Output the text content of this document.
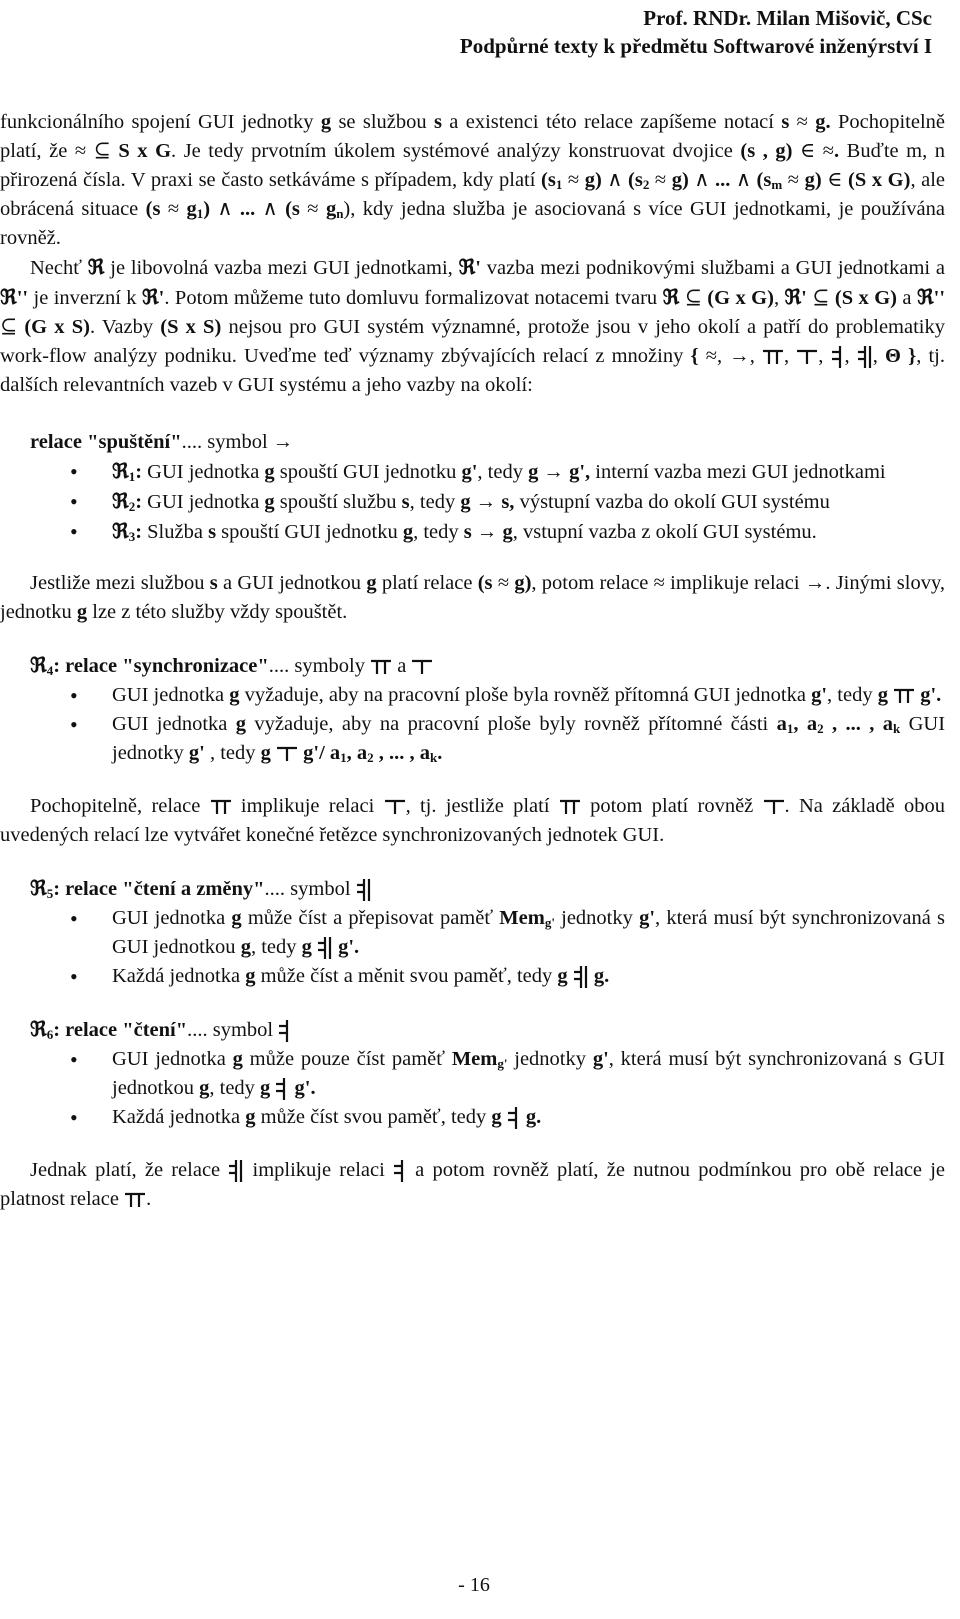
Prof. RNDr. Milan Mišovič, CSc
Podpůrné texty k předmětu Softwarové inženýrství I

funkcionálního spojení GUI jednotky g se službou s a existenci této relace zapíšeme notací s ≈ g. Pochopitelně platí, že ≈ ⊆ S x G. Je tedy prvotním úkolem systémové analýzy konstruovat dvojice (s , g) ∈ ≈. Buďte m, n přirozená čísla. V praxi se často setkáváme s případem, kdy platí $(s_1 \approx g)$ ∧ $(s_2 \approx g)$ ∧ ... ∧ $(s_m \approx g)$ ∈ (S x G), ale obrácená situace $(s \approx g_1)$ ∧ ... ∧ $(s \approx g_n)$, kdy jedna služba je asociovaná s více GUI jednotkami, je používána rovněž.

Nechť ℜ je libovolná vazba mezi GUI jednotkami, ℜ' vazba mezi podnikovými službami a GUI jednotkami a ℜ'' je inverzní k ℜ'. Potom můžeme tuto domluvu formalizovat notacemi tvaru ℜ ⊆ (G x G), ℜ' ⊆ (S x G) a ℜ'' ⊆ (G x S). Vazby (S x S) nejsou pro GUI systém významné, protože jsou v jeho okolí a patří do problematiky work-flow analýzy podniku. Uveďme teď významy zbývajících relací z množiny { ≈, →, , , , , Θ }, tj. dalších relevantních vazeb v GUI systému a jeho vazby na okolí:

relace "spuštění".... symbol →

• ℜ$_1$: GUI jednotka g spouští GUI jednotku g', tedy g → g', interní vazba mezi GUI jednotkami
• ℜ$_2$: GUI jednotka g spouští službu s, tedy g → s, výstupní vazba do okolí GUI systému
• ℜ$_3$: Služba s spouští GUI jednotku g, tedy s → g, vstupní vazba z okolí GUI systému.

Jestliže mezi službou s a GUI jednotkou g platí relace (s ≈ g), potom relace ≈ implikuje relaci →. Jinými slovy, jednotku g lze z této služby vždy spouštět.

ℜ$_4$: relace "synchronizace".... symboly  a

• GUI jednotka g vyžaduje, aby na pracovní ploše byla rovněž přítomná GUI jednotka g', tedy g  g'.
• GUI jednotka g vyžaduje, aby na pracovní ploše byly rovněž přítomné části $a_1$, $a_2$ , ... , $a_k$ GUI jednotky g' , tedy g  g'/ $a_1$, $a_2$ , ... , $a_k$.

Pochopitelně, relace  implikuje relaci , tj. jestliže platí  potom platí rovněž . Na základě obou uvedených relací lze vytvářet konečné řetězce synchronizovaných jednotek GUI.

ℜ$_5$: relace "čtení a změny".... symbol

• GUI jednotka g může číst a přepisovat paměť Mem$_{g'}$ jednotky g', která musí být synchronizovaná s GUI jednotkou g, tedy g  g'.
• Každá jednotka g může číst a měnit svou paměť, tedy g  g.

ℜ$_6$: relace "čtení".... symbol

• GUI jednotka g může pouze číst paměť Mem$_{g'}$ jednotky g', která musí být synchronizovaná s GUI jednotkou g, tedy g  g'.
• Každá jednotka g může číst svou paměť, tedy g  g.

Jednak platí, že relace  implikuje relaci  a potom rovněž platí, že nutnou podmínkou pro obě relace je platnost relace .

- 16
